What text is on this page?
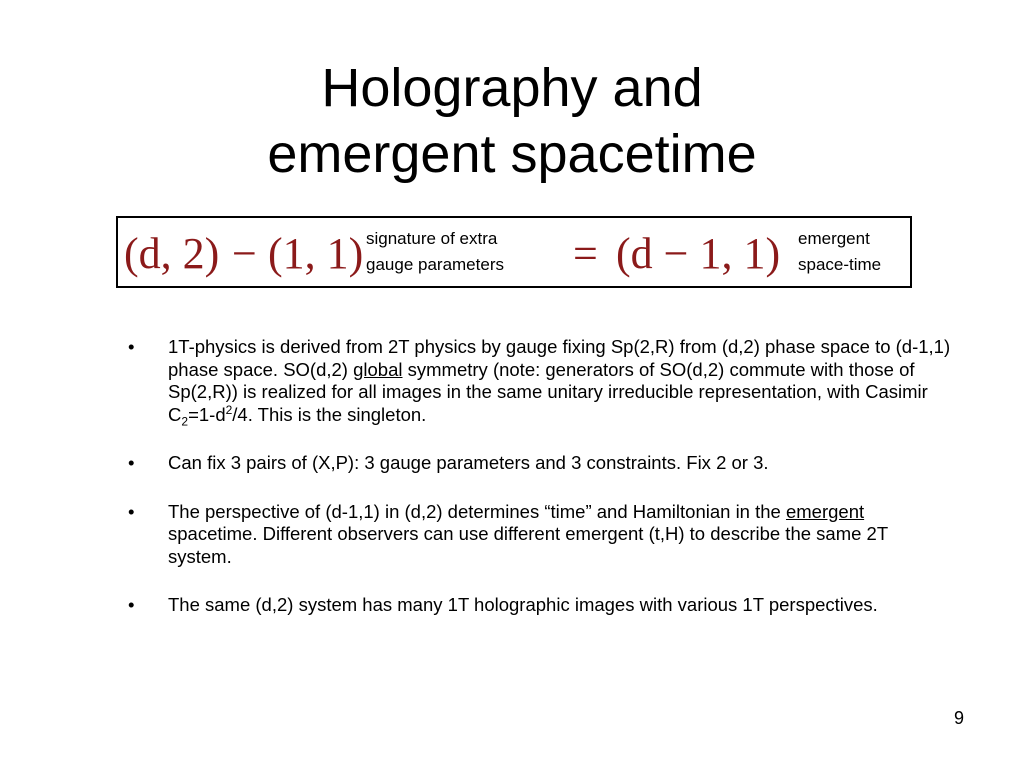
Holography and
emergent spacetime
(d, 2) − (1, 1) signature of extra
gauge parameters = (d − 1, 1) emergent
space-time
• 1T-physics is derived from 2T physics by gauge fixing Sp(2,R) from (d,2) phase space to (d-1,1) phase space. SO(d,2) global symmetry (note: generators of SO(d,2) commute with those of Sp(2,R)) is realized for all images in the same unitary irreducible representation, with Casimir $C_2=1-d^2/4$. This is the singleton.
• Can fix 3 pairs of (X,P): 3 gauge parameters and 3 constraints. Fix 2 or 3.
• The perspective of (d-1,1) in (d,2) determines “time” and Hamiltonian in the emergent spacetime. Different observers can use different emergent (t,H) to describe the same 2T system.
• The same (d,2) system has many 1T holographic images with various 1T perspectives.
9
